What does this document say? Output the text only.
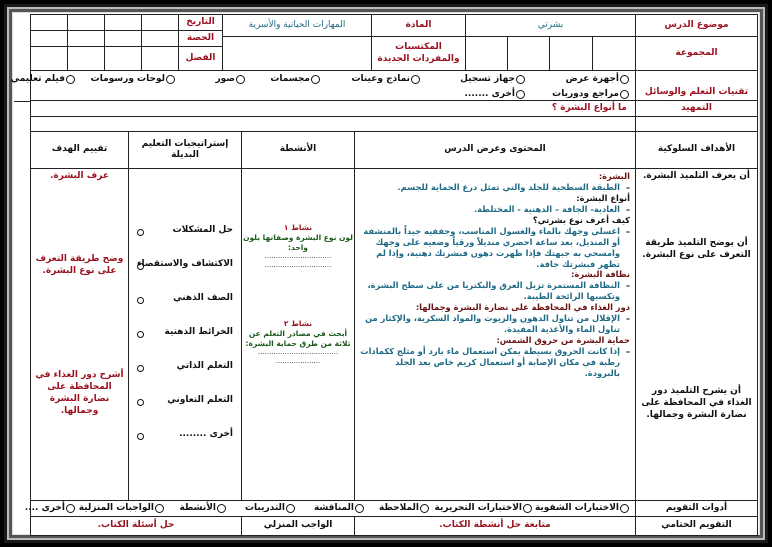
موضوع الدرس
بشرتي
المادة
المهارات الحياتية والأسرية
التاريخ
المجموعة
المكتسبات والمفردات الجديدة
الحصة
الفصل
تقنيات التعلم والوسائل
أجهزة عرض
جهاز تسجيل
نماذج وعينات
مجسمات
صور
لوحات ورسومات
فيلم تعليمي
مراجع ودوريات
أخرى .......
التمهيد
ما أنواع البشرة ؟
الأهداف السلوكية
المحتوى وعرض الدرس
الأنشطة
إستراتيجيات التعليم البديلة
تقييم الهدف
أن يعرف التلميذ البشرة.
أن يوضح التلميذ طريقة التعرف على نوع البشرة.
أن يشرح التلميذ دور الغذاء في المحافظة على نضارة البشرة وجمالها.
البشرة:
– الطبقة السطحية للجلد والتي تمثل درع الحماية للجسم.
أنواع البشرة:
– العادية- الجافة – الدهنية - المختلطة.
كيف أعرف نوع بشرتي؟
– اغسلي وجهك بالماء والغسول المناسب، وجففيه جيداً بالمنشفة أو المنديل، بعد ساعة احضري منديلاً ورقياً وضعيه على وجهك وامسحي به جبهتك فإذا ظهرت دهون فبشرتك دهنية، وإذا لم تظهر فبشرتك جافة.
نظافة البشرة:
– النظافة المستمرة تزيل العرق والبكتريا من على سطح البشرة، وتكسبها الرائحة الطيبة.
دور الغذاء في المحافظة على نضارة البشرة وجمالها:
– الإقلال من تناول الدهون والزيوت والمواد السكرية، والإكثار من تناول الماء والأغذية المفيدة.
حماية البشرة من حروق الشمس:
– إذا كانت الحروق بسيطة يمكن استعمال ماء بارد أو مثلج ككمادات رطبة في مكان الإصابة أو استعمال كريم خاص بعد الجلد بالبرودة.
نشاط ١
لون نوع البشرة وصفاتها بلون واحد:
..............................
..............................
نشاط ٢
أبحث في مصادر التعلم عن ثلاثة من طرق حماية البشرة:
....................................
....................
حل المشكلات
الاكتشاف والاستقصاء
الصف الذهني
الخرائط الذهنية
التعلم الذاتي
التعلم التعاوني
أخرى ........
عرف البشرة.
وضح طريقة التعرف على نوع البشرة.
أشرح دور الغذاء في المحافظة على نضارة البشرة وجمالها.
أدوات التقويم
الاختبارات الشفوية
الاختبارات التحريرية
الملاحظة
المناقشة
التدريبات
الأنشطة
الواجبات المنزلية
أخرى ....
التقويم الختامي
متابعة حل أنشطة الكتاب.
الواجب المنزلي
حل أسئلة الكتاب.
